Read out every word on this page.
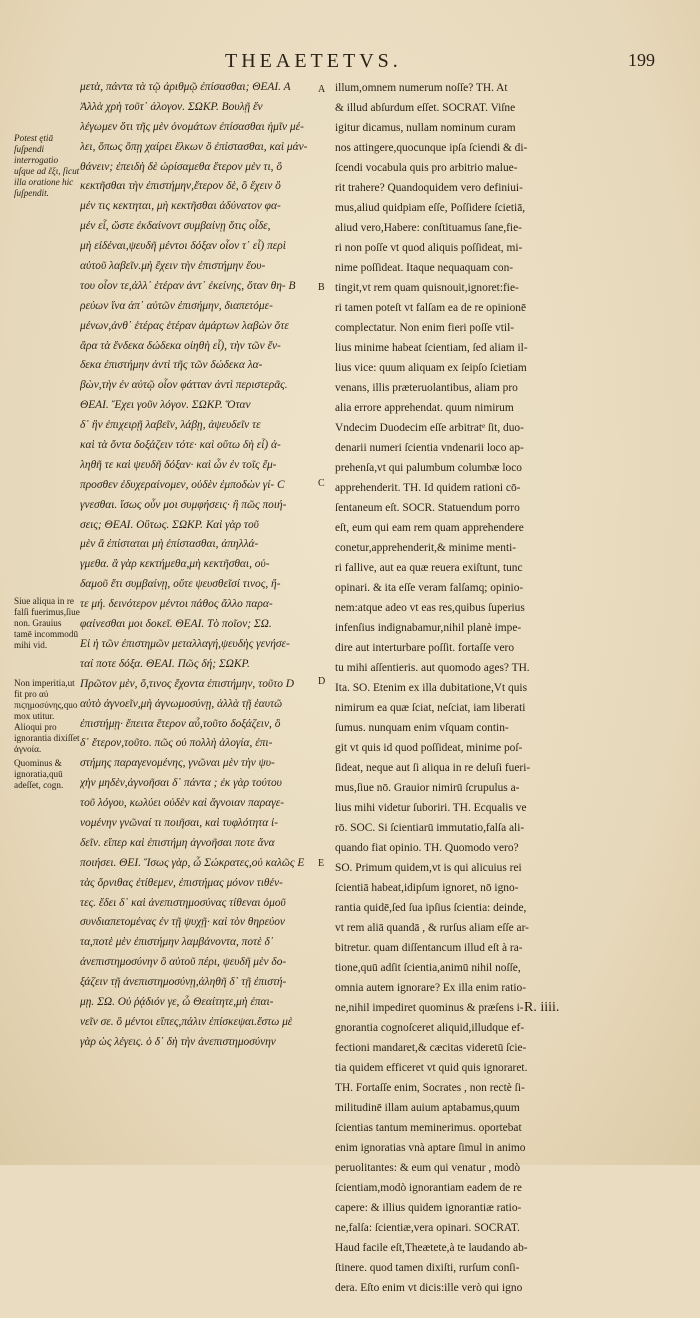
THEAETETVS.	199
Potest ętiā ſuſpendi interrogatio uſque ad ἕξι, ſicut illa oratione hic ſuſpendit.
Siue aliqua in re falſi fuerimus,ſiue non. Grauius tamē incommodū mihi vid.
Non imperitia,ut fit pro αὐ πιϛημοσύνης,quo mox utitur. Alioqui pro ignorantia dixiſſet ἀγνοία.
Quominus & ignoratia,quū adeſſet, cogn.
μετὰ, πάντα τὰ τῷ ἀριθμῷ ἐπίσασθαι; ΘΕΑΙ. Α
Ἀλλὰ χρὴ τοῦτ᾿ ἀλογον. ΣΩΚΡ. Βουλῇ ἔν
λέγωμεν ὅτι τῆς μὲν ὀνομάτων ἐπίσασθαι ἡμῖν μέ-
λει, ὅπως ὅπῃ χαίρει ἕλκων ὃ ἐπίστασθαι, καὶ μάν-
θάνειν; ἐπειδὴ δὲ ὡρίσαμεθα ἕτερον μὲν τι, ὃ
κεκτῆσθαι τὴν ἐπιστήμην,ἕτερον δὲ, ὃ ἔχειν ὃ
μέν τις κεκτηται, μὴ κεκτῆσθαι ἀδύνατον φα-
μέν εἶ, ὥστε ἐκδαίνοντ συμβαίνῃ ὅτις οἶδε,
μὴ εἰδέναι,ψευδῆ μέντοι δόξαν οἷον τ᾿ εἶ) περὶ
αὐτοῦ λαβεῖν.μὴ ἔχειν τὴν ἐπιστήμην ἔου-
του οἷον τε,ἀλλ᾿ ἑτέραν ἀντ᾿ ἐκείνης, ὅταν θη- Β
ρεύων ἴνα ἀπ᾿ αὐτῶν ἐπισήμην, διαπετόμε-
μένων,ἀνθ᾿ ἑτέρας ἑτέραν ἁμάρτων λαβὼν ὅτε
ἄρα τὰ ἕνδεκα δώδεκα οἰηθὴ εἶ), τὴν τῶν ἕν-
δεκα ἐπιστήμην ἀντὶ τῆς τῶν δώδεκα λα-
βὼν,τὴν ἐν αὐτῷ οἷον φάτταν ἀντὶ περιστερᾶς.
ΘΕΑΙ. Ἔχει γοῦν λόγον. ΣΩΚΡ. Ὅταν
δ᾿ ἣν ἐπιχειρῇ λαβεῖν, λάβῃ, ἀψευδεῖν τε
καὶ τὰ ὄντα δοξάζειν τότε· καὶ οὕτω δὴ εἶ) ἀ-
ληθῆ τε καὶ ψευδῆ δόξαν· καὶ ὧν ἐν τοῖς ἔμ-
προσθεν ἐδυχεραίνομεν, οὐδὲν ἐμποδὼν γί- C
γνεσθαι. ἴσως οὖν μοι συμφήσεις· ἢ πῶς ποιή-
σεις; ΘΕΑΙ. Οὕτως. ΣΩΚΡ. Καὶ γὰρ τοῦ
μὲν ἃ ἐπίσταται μὴ ἐπίστασθαι, ἀπηλλά-
γμεθα. ἃ γὰρ κεκτήμεθα,μὴ κεκτῆσθαι, οὐ-
δαμοῦ ἔτι συμβαίνῃ, οὔτε ψευσθεῖσί τινος, ἤ-
τε μή. δεινότερον μέντοι πάθος ἄλλο παρα-
φαίνεσθαι μοι δοκεῖ. ΘΕΑΙ. Τὸ ποῖον; ΣΩ.
Εἰ ἡ τῶν ἐπιστημῶν μεταλλαγή,ψευδὴς γενήσε-
ταί ποτε δόξα. ΘΕΑΙ. Πῶς δή; ΣΩΚΡ.
Πρῶτον μὲν, ὅ,τινος ἔχοντα ἐπιστήμην, τοῦτο D
αὐτὸ ἀγνοεῖν,μὴ ἀγνωμοσύνῃ, ἀλλὰ τῇ ἑαυτῶ
ἐπιστήμῃ· ἔπειτα ἕτερον αὖ,τοῦτο δοξάζειν, ὃ
δ᾿ ἕτερον,τοῦτο. πῶς οὐ πολλὴ ἀλογία, ἐπι-
στήμης παραγενομένης, γνῶναι μὲν τὴν ψυ-
χὴν μηδὲν,ἀγνοῆσαι δ᾿ πάντα ; ἐκ γὰρ τούτου
τοῦ λόγου, κωλύει οὐδὲν καὶ ἄγνοιαν παραγε-
νομένην γνῶναί τι ποιῆσαι, καὶ τυφλότητα ἰ-
δεῖν. εἴπερ καὶ ἐπιστήμη ἀγνοῆσαι ποτε ἄνα
ποιήσει. ΘΕΙ. Ἴσως γὰρ, ὦ Σώκρατες,οὐ καλῶς Ε
τὰς ὄρνιθας ἐτίθεμεν, ἐπιστήμας μόνον τιθέν-
τες. ἔδει δ᾿ καὶ ἀνεπιστημοσύνας τίθεναι ὁμοῦ
συνδιαπετομένας ἐν τῇ ψυχῇ· καὶ τὸν θηρεύον
τα,ποτὲ μὲν ἐπιστήμην λαμβάνοντα, ποτὲ δ᾿
ἀνεπιστημοσύνην ὃ αὐτοῦ πέρι, ψευδῆ μὲν δο-
ξάζειν τῇ ἀνεπιστημοσύνῃ,ἀληθῆ δ᾿ τῇ ἐπιστή-
μῃ. ΣΩ. Οὐ ῥᾴδιόν γε, ὦ Θεαίτητε,μὴ ἐπαι-
νεῖν σε. ὃ μέντοι εἴπες,πάλιν ἐπίσκεψαι.ἔστω μὲ
γὰρ ὡς λέγεις. ὁ δ᾿ δὴ τὴν ἀνεπιστημοσύνην
illum,omnem numerum noſſe? TH. At
& illud abſurdum eſſet. SOCRAT. Viſne
igitur dicamus, nullam nominum curam
nos attingere,quocunque ipſa ſciendi & di-
ſcendi vocabula quis pro arbitrio malue-
rit trahere? Quandoquidem vero definiui-
mus,aliud quidpiam eſſe, Poſſidere ſcietiā,
aliud vero,Habere: conſtituamus ſane,fie-
ri non poſſe vt quod aliquis poſſideat, mi-
nime poſſideat. Itaque nequaquam con-
tingit,vt rem quam quisnouit,ignoret:fie-
ri tamen poteſt vt falſam ea de re opinionē
complectatur. Non enim fieri poſſe vtil-
lius minime habeat ſcientiam, ſed aliam il-
lius vice: quum aliquam ex ſeipſo ſcietiam
venans, illis præteruolantibus, aliam pro
alia errore apprehendat. quum nimirum
Vndecim Duodecim eſſe arbitratᵉ ſit, duo-
denarii numeri ſcientia vndenarii loco ap-
prehenſa,vt qui palumbum columbæ loco
apprehenderit. TH. Id quidem rationi cō-
ſentaneum eſt. SOCR. Statuendum porro
eſt, eum qui eam rem quam apprehendere
conetur,apprehenderit,& minime menti-
ri fallive, aut ea quæ reuera exiſtunt, tunc
opinari. & ita eſſe veram falſamq; opinio-
nem:atque adeo vt eas res,quibus ſuperius
infenſius indignabamur,nihil planè impe-
dire aut interturbare poſſit. fortaſſe vero
tu mihi aſſentieris. aut quomodo ages? TH.
Ita. SO. Etenim ex illa dubitatione,Vt quis
nimirum ea quæ ſciat, neſciat, iam liberati
ſumus. nunquam enim vſquam contin-
git vt quis id quod poſſideat, minime poſ-
ſideat, neque aut ſi aliqua in re deluſi fueri-
mus,ſiue nō. Grauior nimirū ſcrupulus a-
lius mihi videtur ſuboriri. TH. Ecqualis ve
rō. SOC. Si ſcientiarū immutatio,falſa ali-
quando fiat opinio. TH. Quomodo vero?
SO. Primum quidem,vt is qui alicuius rei
ſcientiā habeat,idipſum ignoret, nō igno-
rantia quidē,ſed ſua ipſius ſcientia: deinde,
vt rem aliā quandā , & rurſus aliam eſſe ar-
bitretur. quam diſſentancum illud eſt à ra-
tione,quū adſit ſcientia,animū nihil noſſe,
omnia autem ignorare? Ex illa enim ratio-
ne,nihil impediret quominus & præſens i-
gnorantia cognoſceret aliquid,illudque ef-
fectioni mandaret,& cæcitas videretū ſcie-
tia quidem efficeret vt quid quis ignoraret.
TH. Fortaſſe enim, Socrates , non rectè ſi-
militudinē illam auium aptabamus,quum
ſcientias tantum meminerimus. oportebat
enim ignoratias vnà aptare ſimul in animo
peruolitantes: & eum qui venatur , modò
ſcientiam,modò ignorantiam eadem de re
capere: & illius quidem ignorantiæ ratio-
ne,falſa: ſcientiæ,vera opinari. SOCRAT.
Haud facile eſt,Theætete,à te laudando ab-
ſtinere. quod tamen dixiſti, rurſum conſi-
dera. Eſto enim vt dicis:ille verò qui igno
A
B
C
D
E
R. iiii.
